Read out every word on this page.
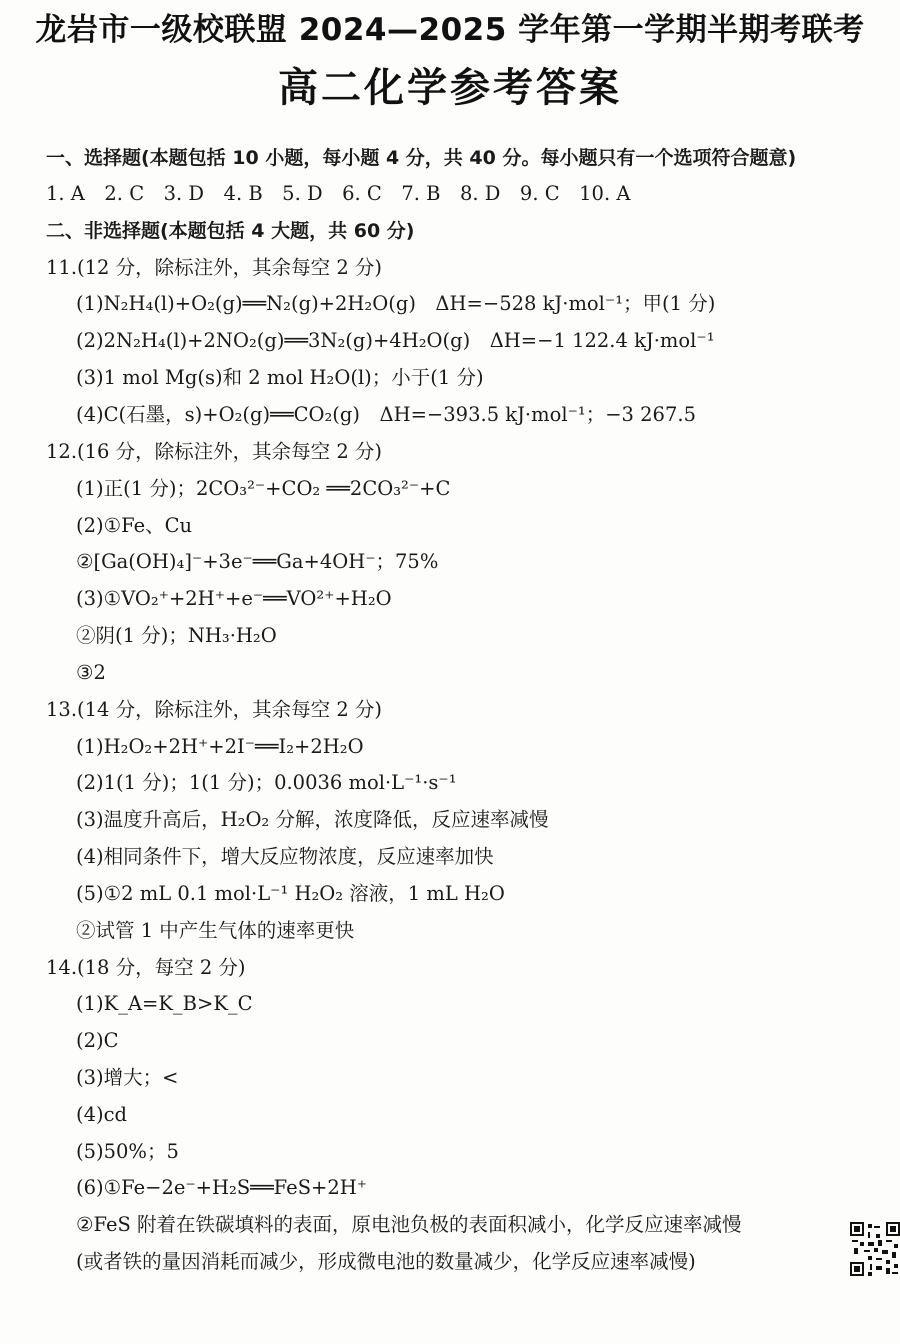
龙岩市一级校联盟 2024—2025 学年第一学期半期考联考
高二化学参考答案
一、选择题(本题包括 10 小题，每小题 4 分，共 40 分。每小题只有一个选项符合题意)
1. A　2. C　3. D　4. B　5. D　6. C　7. B　8. D　9. C　10. A
二、非选择题(本题包括 4 大题，共 60 分)
11.(12 分，除标注外，其余每空 2 分)
(1)N₂H₄(l)+O₂(g)══N₂(g)+2H₂O(g)　ΔH=−528 kJ·mol⁻¹；甲(1 分)
(2)2N₂H₄(l)+2NO₂(g)══3N₂(g)+4H₂O(g)　ΔH=−1 122.4 kJ·mol⁻¹
(3)1 mol Mg(s)和 2 mol H₂O(l)；小于(1 分)
(4)C(石墨，s)+O₂(g)══CO₂(g)　ΔH=−393.5 kJ·mol⁻¹；−3 267.5
12.(16 分，除标注外，其余每空 2 分)
(1)正(1 分)；2CO₃²⁻+CO₂ ══2CO₃²⁻+C
(2)①Fe、Cu
②[Ga(OH)₄]⁻+3e⁻══Ga+4OH⁻；75%
(3)①VO₂⁺+2H⁺+e⁻══VO²⁺+H₂O
②阴(1 分)；NH₃·H₂O
③2
13.(14 分，除标注外，其余每空 2 分)
(1)H₂O₂+2H⁺+2I⁻══I₂+2H₂O
(2)1(1 分)；1(1 分)；0.0036 mol·L⁻¹·s⁻¹
(3)温度升高后，H₂O₂ 分解，浓度降低，反应速率减慢
(4)相同条件下，增大反应物浓度，反应速率加快
(5)①2 mL 0.1 mol·L⁻¹ H₂O₂ 溶液，1 mL H₂O
②试管 1 中产生气体的速率更快
14.(18 分，每空 2 分)
(1)K_A=K_B>K_C
(2)C
(3)增大；<
(4)cd
(5)50%；5
(6)①Fe−2e⁻+H₂S══FeS+2H⁺
②FeS 附着在铁碳填料的表面，原电池负极的表面积减小，化学反应速率减慢
(或者铁的量因消耗而减少，形成微电池的数量减少，化学反应速率减慢)
